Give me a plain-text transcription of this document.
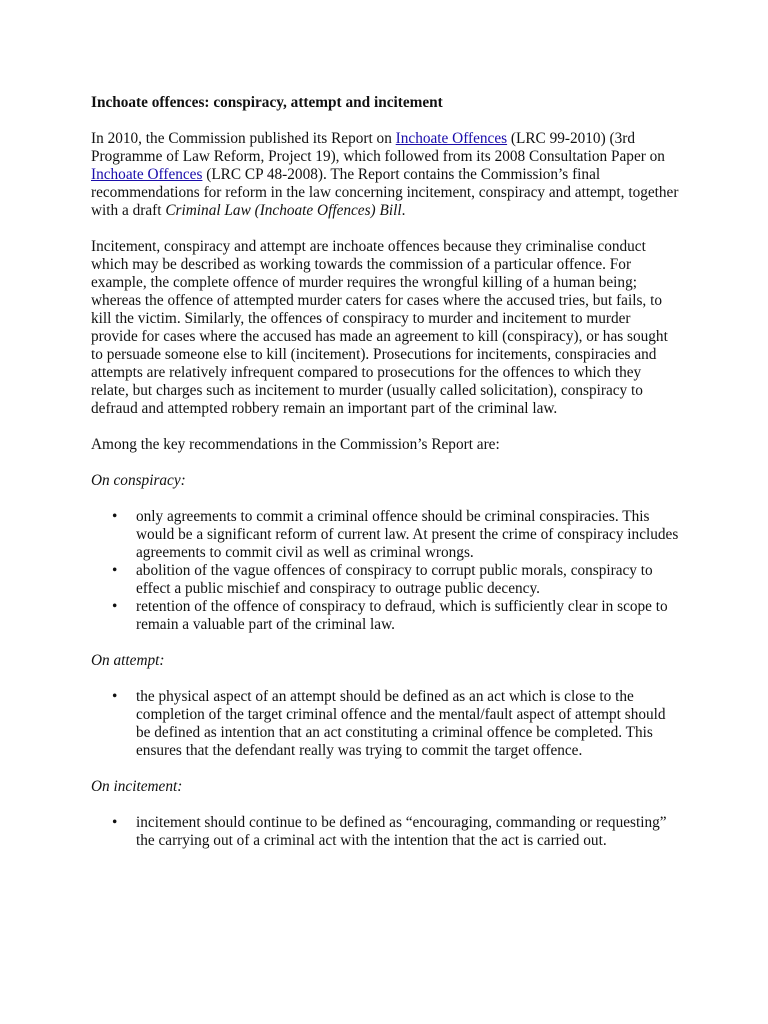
Inchoate offences: conspiracy, attempt and incitement

In 2010, the Commission published its Report on Inchoate Offences (LRC 99-2010) (3rd Programme of Law Reform, Project 19), which followed from its 2008 Consultation Paper on Inchoate Offences (LRC CP 48-2008). The Report contains the Commission’s final recommendations for reform in the law concerning incitement, conspiracy and attempt, together with a draft Criminal Law (Inchoate Offences) Bill.

Incitement, conspiracy and attempt are inchoate offences because they criminalise conduct which may be described as working towards the commission of a particular offence. For example, the complete offence of murder requires the wrongful killing of a human being; whereas the offence of attempted murder caters for cases where the accused tries, but fails, to kill the victim. Similarly, the offences of conspiracy to murder and incitement to murder provide for cases where the accused has made an agreement to kill (conspiracy), or has sought to persuade someone else to kill (incitement). Prosecutions for incitements, conspiracies and attempts are relatively infrequent compared to prosecutions for the offences to which they relate, but charges such as incitement to murder (usually called solicitation), conspiracy to defraud and attempted robbery remain an important part of the criminal law.

Among the key recommendations in the Commission’s Report are:

On conspiracy:

• only agreements to commit a criminal offence should be criminal conspiracies. This would be a significant reform of current law. At present the crime of conspiracy includes agreements to commit civil as well as criminal wrongs.
• abolition of the vague offences of conspiracy to corrupt public morals, conspiracy to effect a public mischief and conspiracy to outrage public decency.
• retention of the offence of conspiracy to defraud, which is sufficiently clear in scope to remain a valuable part of the criminal law.

On attempt:

• the physical aspect of an attempt should be defined as an act which is close to the completion of the target criminal offence and the mental/fault aspect of attempt should be defined as intention that an act constituting a criminal offence be completed. This ensures that the defendant really was trying to commit the target offence.

On incitement:

• incitement should continue to be defined as “encouraging, commanding or requesting” the carrying out of a criminal act with the intention that the act is carried out.
